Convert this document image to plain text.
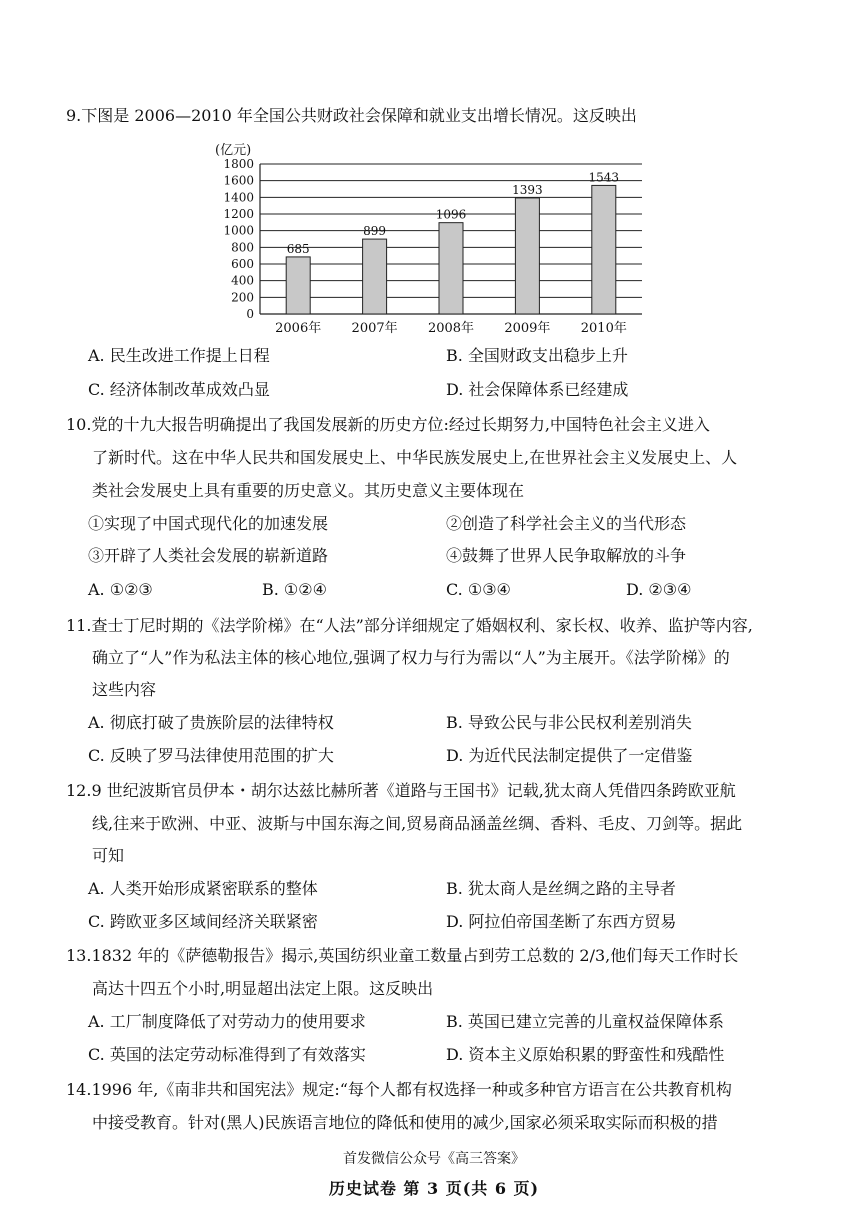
9.下图是 2006—2010 年全国公共财政社会保障和就业支出增长情况。这反映出
(亿元)
0
200
400
600
800
1000
1200
1400
1600
1800
685
2006年
899
2007年
1096
2008年
1393
2009年
1543
2010年
A. 民生改进工作提上日程	B. 全国财政支出稳步上升
C. 经济体制改革成效凸显	D. 社会保障体系已经建成
10.党的十九大报告明确提出了我国发展新的历史方位:经过长期努力,中国特色社会主义进入
了新时代。这在中华人民共和国发展史上、中华民族发展史上,在世界社会主义发展史上、人
类社会发展史上具有重要的历史意义。其历史意义主要体现在
①实现了中国式现代化的加速发展	②创造了科学社会主义的当代形态
③开辟了人类社会发展的崭新道路	④鼓舞了世界人民争取解放的斗争
A. ①②③	B. ①②④	C. ①③④	D. ②③④
11.查士丁尼时期的《法学阶梯》在“人法”部分详细规定了婚姻权利、家长权、收养、监护等内容,
确立了“人”作为私法主体的核心地位,强调了权力与行为需以“人”为主展开。《法学阶梯》的
这些内容
A. 彻底打破了贵族阶层的法律特权	B. 导致公民与非公民权利差别消失
C. 反映了罗马法律使用范围的扩大	D. 为近代民法制定提供了一定借鉴
12.9 世纪波斯官员伊本・胡尔达兹比赫所著《道路与王国书》记载,犹太商人凭借四条跨欧亚航
线,往来于欧洲、中亚、波斯与中国东海之间,贸易商品涵盖丝绸、香料、毛皮、刀剑等。据此
可知
A. 人类开始形成紧密联系的整体	B. 犹太商人是丝绸之路的主导者
C. 跨欧亚多区域间经济关联紧密	D. 阿拉伯帝国垄断了东西方贸易
13.1832 年的《萨德勒报告》揭示,英国纺织业童工数量占到劳工总数的 2/3,他们每天工作时长
高达十四五个小时,明显超出法定上限。这反映出
A. 工厂制度降低了对劳动力的使用要求	B. 英国已建立完善的儿童权益保障体系
C. 英国的法定劳动标准得到了有效落实	D. 资本主义原始积累的野蛮性和残酷性
14.1996 年,《南非共和国宪法》规定:“每个人都有权选择一种或多种官方语言在公共教育机构
中接受教育。针对(黑人)民族语言地位的降低和使用的减少,国家必须采取实际而积极的措
首发微信公众号《高三答案》
历史试卷 第 3 页(共 6 页)
